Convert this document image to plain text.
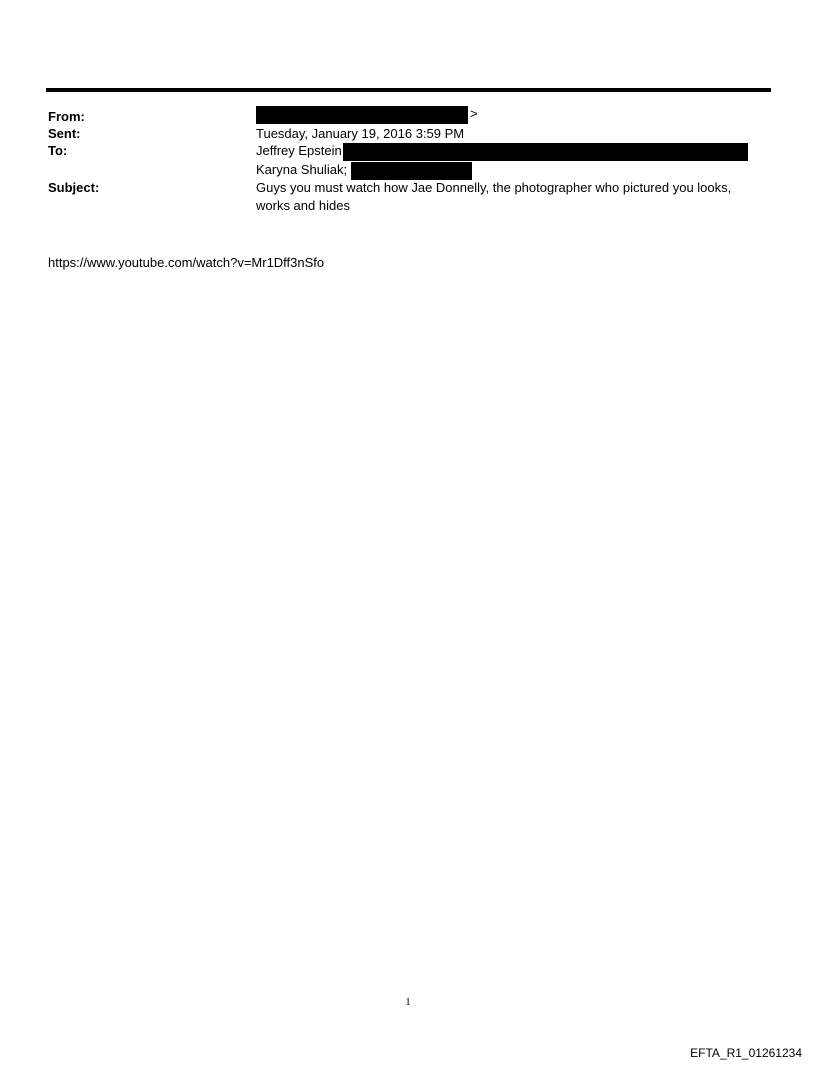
From:	>
Sent:	Tuesday, January 19, 2016 3:59 PM
To:	Jeffrey Epstein
Karyna Shuliak;
Subject:	Guys you must watch how Jae Donnelly, the photographer who pictured you looks,
works and hides
https://www.youtube.com/watch?v=Mr1Dff3nSfo
1
EFTA_R1_01261234
